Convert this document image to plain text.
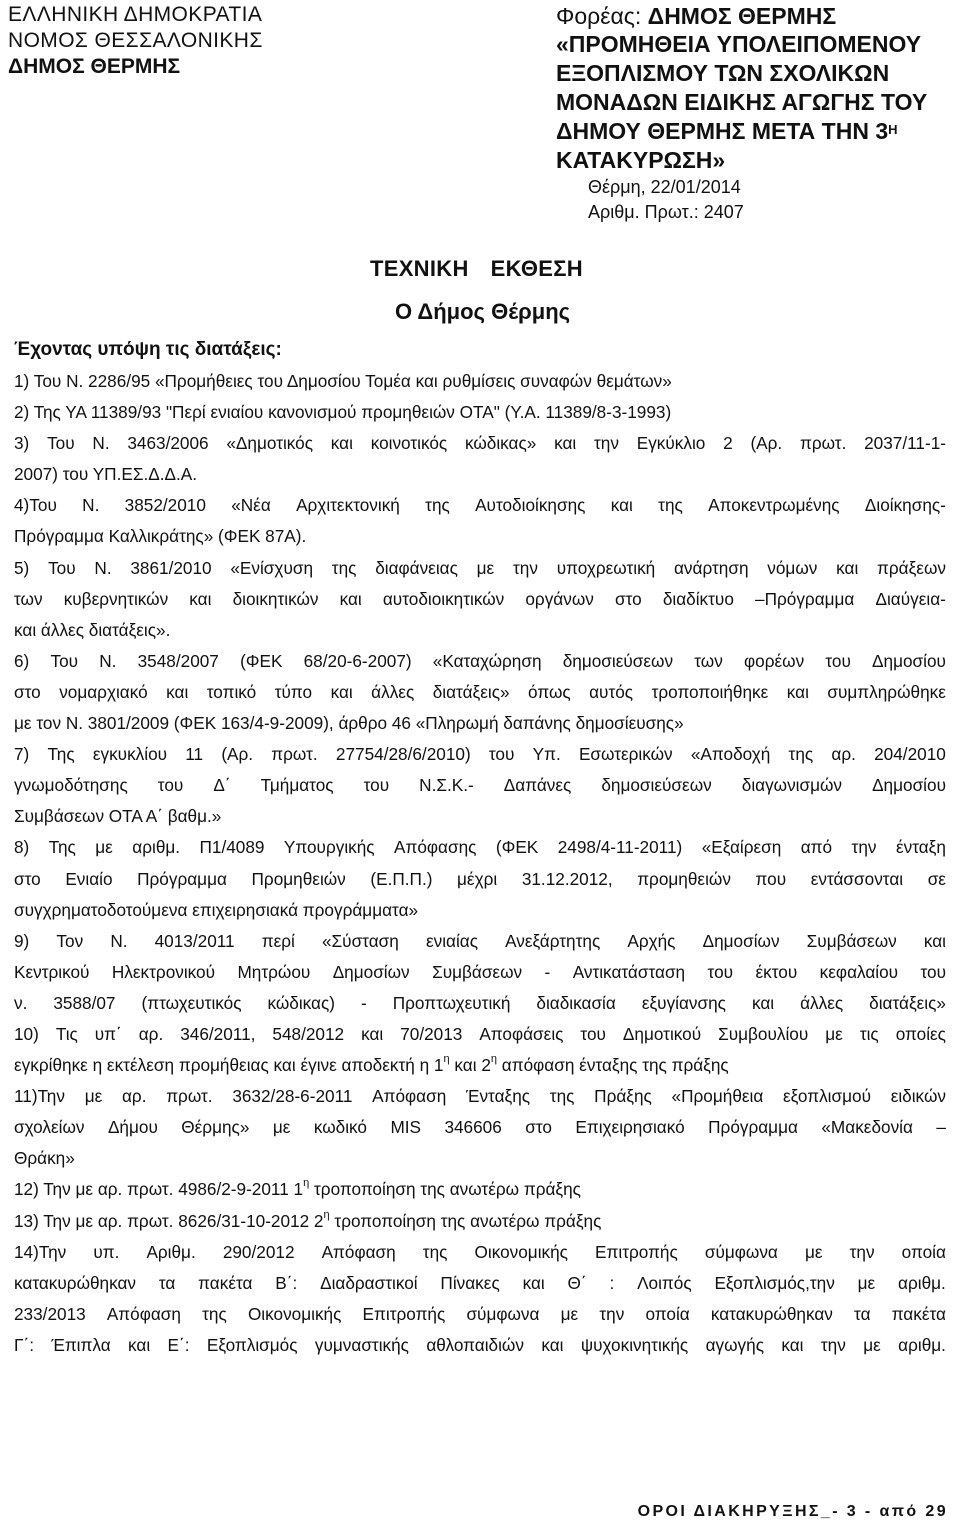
ΕΛΛΗΝΙΚΗ ΔΗΜΟΚΡΑΤΙΑ
ΝΟΜΟΣ ΘΕΣΣΑΛΟΝΙΚΗΣ
ΔΗΜΟΣ ΘΕΡΜΗΣ
Φορέας: ΔΗΜΟΣ ΘΕΡΜΗΣ
«ΠΡΟΜΗΘΕΙΑ ΥΠΟΛΕΙΠΟΜΕΝΟΥ
ΕΞΟΠΛΙΣΜΟΥ ΤΩΝ ΣΧΟΛΙΚΩΝ
ΜΟΝΑΔΩΝ ΕΙΔΙΚΗΣ ΑΓΩΓΗΣ ΤΟΥ
ΔΗΜΟΥ ΘΕΡΜΗΣ ΜΕΤΑ ΤΗΝ $3^H$
ΚΑΤΑΚΥΡΩΣΗ»
Θέρμη, 22/01/2014
Αριθμ. Πρωτ.: 2407
ΤΕΧΝΙΚΗ ΕΚΘΕΣΗ
Ο Δήμος Θέρμης
Έχοντας υπόψη τις διατάξεις:
1) Του Ν. 2286/95 «Προμήθειες του Δημοσίου Τομέα και ρυθμίσεις συναφών θεμάτων»
2) Της ΥΑ 11389/93 "Περί ενιαίου κανονισμού προμηθειών ΟΤΑ" (Υ.Α. 11389/8-3-1993)
3) Του Ν. 3463/2006 «Δημοτικός και κοινοτικός κώδικας» και την Εγκύκλιο 2 (Αρ. πρωτ. 2037/11-1-
2007) του ΥΠ.ΕΣ.Δ.Δ.Α.
4)Του Ν. 3852/2010 «Νέα Αρχιτεκτονική της Αυτοδιοίκησης και της Αποκεντρωμένης Διοίκησης-
Πρόγραμμα Καλλικράτης» (ΦΕΚ 87Α).
5) Του Ν. 3861/2010 «Ενίσχυση της διαφάνειας με την υποχρεωτική ανάρτηση νόμων και πράξεων
των κυβερνητικών και διοικητικών και αυτοδιοικητικών οργάνων στο διαδίκτυο –Πρόγραμμα Διαύγεια-
και άλλες διατάξεις».
6) Του Ν. 3548/2007 (ΦΕΚ 68/20-6-2007) «Καταχώρηση δημοσιεύσεων των φορέων του Δημοσίου
στο νομαρχιακό και τοπικό τύπο και άλλες διατάξεις» όπως αυτός τροποποιήθηκε και συμπληρώθηκε
με τον Ν. 3801/2009 (ΦΕΚ 163/4-9-2009), άρθρο 46 «Πληρωμή δαπάνης δημοσίευσης»
7) Της εγκυκλίου 11 (Αρ. πρωτ. 27754/28/6/2010) του Υπ. Εσωτερικών «Αποδοχή της αρ. 204/2010
γνωμοδότησης του Δ΄ Τμήματος του Ν.Σ.Κ.- Δαπάνες δημοσιεύσεων διαγωνισμών Δημοσίου
Συμβάσεων ΟΤΑ Α΄ βαθμ.»
8) Της με αριθμ. Π1/4089 Υπουργικής Απόφασης (ΦΕΚ 2498/4-11-2011) «Εξαίρεση από την ένταξη
στο Ενιαίο Πρόγραμμα Προμηθειών (Ε.Π.Π.) μέχρι 31.12.2012, προμηθειών που εντάσσονται σε
συγχρηματοδοτούμενα επιχειρησιακά προγράμματα»
9) Τον Ν. 4013/2011 περί «Σύσταση ενιαίας Ανεξάρτητης Αρχής Δημοσίων Συμβάσεων και
Κεντρικού Ηλεκτρονικού Μητρώου Δημοσίων Συμβάσεων - Αντικατάσταση του έκτου κεφαλαίου του
ν. 3588/07 (πτωχευτικός κώδικας) - Προπτωχευτική διαδικασία εξυγίανσης και άλλες διατάξεις»
10) Τις υπ΄ αρ. 346/2011, 548/2012 και 70/2013 Αποφάσεις του Δημοτικού Συμβουλίου με τις οποίες
εγκρίθηκε η εκτέλεση προμήθειας και έγινε αποδεκτή η $1^\eta$ και $2^\eta$ απόφαση ένταξης της πράξης
11)Την με αρ. πρωτ. 3632/28-6-2011 Απόφαση Ένταξης της Πράξης «Προμήθεια εξοπλισμού ειδικών
σχολείων Δήμου Θέρμης» με κωδικό MIS 346606 στο Επιχειρησιακό Πρόγραμμα «Μακεδονία –
Θράκη»
12) Την με αρ. πρωτ. 4986/2-9-2011 $1^\eta$ τροποποίηση της ανωτέρω πράξης
13) Την με αρ. πρωτ. 8626/31-10-2012 $2^\eta$ τροποποίηση της ανωτέρω πράξης
14)Την υπ. Αριθμ. 290/2012 Απόφαση της Οικονομικής Επιτροπής σύμφωνα με την οποία
κατακυρώθηκαν τα πακέτα Β΄: Διαδραστικοί Πίνακες και Θ΄ : Λοιπός Εξοπλισμός,την με αριθμ.
233/2013 Απόφαση της Οικονομικής Επιτροπής σύμφωνα με την οποία κατακυρώθηκαν τα πακέτα
Γ΄: Έπιπλα και Ε΄: Εξοπλισμός γυμναστικής αθλοπαιδιών και ψυχοκινητικής αγωγής και την με αριθμ.
ΟΡΟΙ ΔΙΑΚΗΡΥΞΗΣ_- 3 - από 29
